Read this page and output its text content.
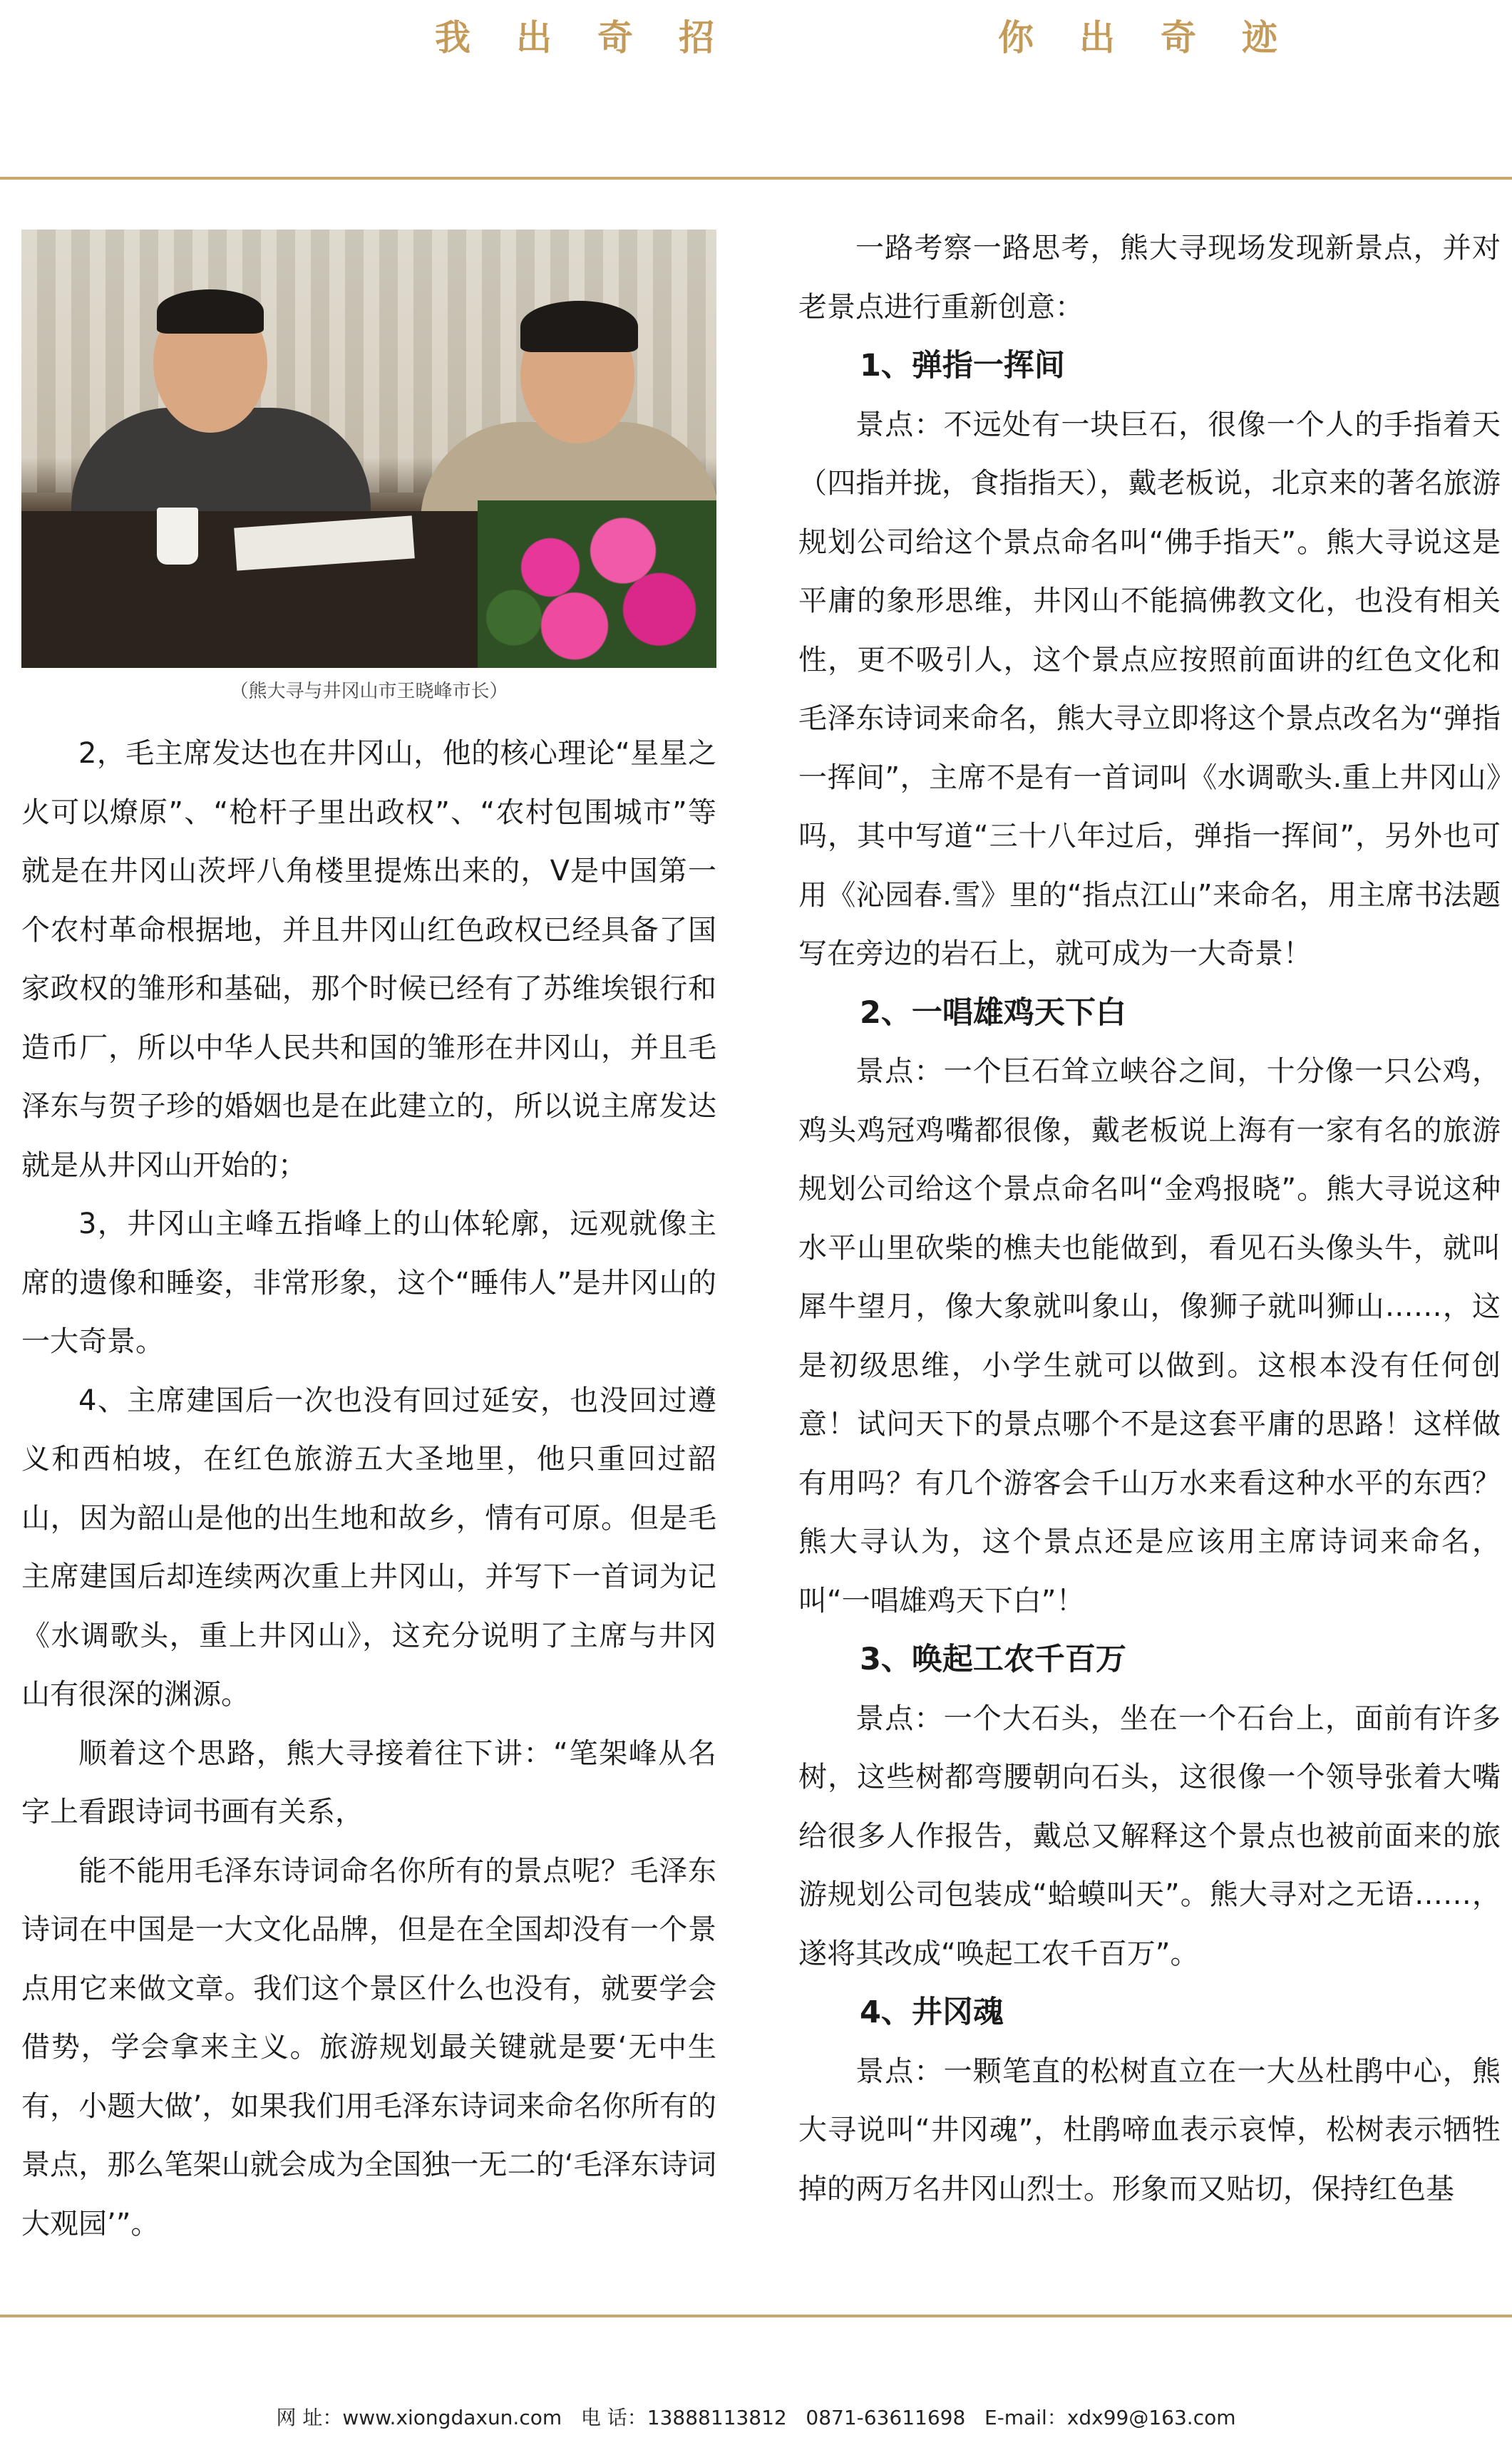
我出奇招	你出奇迹
（熊大寻与井冈山市王晓峰市长）

2，毛主席发达也在井冈山，他的核心理论“星星之火可以燎原”、“枪杆子里出政权”、“农村包围城市”等就是在井冈山茨坪八角楼里提炼出来的，V是中国第一个农村革命根据地，并且井冈山红色政权已经具备了国家政权的雏形和基础，那个时候已经有了苏维埃银行和造币厂，所以中华人民共和国的雏形在井冈山，并且毛泽东与贺子珍的婚姻也是在此建立的，所以说主席发达就是从井冈山开始的；

3，井冈山主峰五指峰上的山体轮廓，远观就像主席的遗像和睡姿，非常形象，这个“睡伟人”是井冈山的一大奇景。

4、主席建国后一次也没有回过延安，也没回过遵义和西柏坡，在红色旅游五大圣地里，他只重回过韶山，因为韶山是他的出生地和故乡，情有可原。但是毛主席建国后却连续两次重上井冈山，并写下一首词为记《水调歌头，重上井冈山》，这充分说明了主席与井冈山有很深的渊源。

顺着这个思路，熊大寻接着往下讲：“笔架峰从名字上看跟诗词书画有关系，

能不能用毛泽东诗词命名你所有的景点呢？毛泽东诗词在中国是一大文化品牌，但是在全国却没有一个景点用它来做文章。我们这个景区什么也没有，就要学会借势，学会拿来主义。旅游规划最关键就是要‘无中生有，小题大做’，如果我们用毛泽东诗词来命名你所有的景点，那么笔架山就会成为全国独一无二的‘毛泽东诗词大观园’”。

一路考察一路思考，熊大寻现场发现新景点，并对老景点进行重新创意：

1、弹指一挥间

景点：不远处有一块巨石，很像一个人的手指着天（四指并拢，食指指天），戴老板说，北京来的著名旅游规划公司给这个景点命名叫“佛手指天”。熊大寻说这是平庸的象形思维，井冈山不能搞佛教文化，也没有相关性，更不吸引人，这个景点应按照前面讲的红色文化和毛泽东诗词来命名，熊大寻立即将这个景点改名为“弹指一挥间”，主席不是有一首词叫《水调歌头.重上井冈山》吗，其中写道“三十八年过后，弹指一挥间”，另外也可用《沁园春.雪》里的“指点江山”来命名，用主席书法题写在旁边的岩石上，就可成为一大奇景！

2、一唱雄鸡天下白

景点：一个巨石耸立峡谷之间，十分像一只公鸡，鸡头鸡冠鸡嘴都很像，戴老板说上海有一家有名的旅游规划公司给这个景点命名叫“金鸡报晓”。熊大寻说这种水平山里砍柴的樵夫也能做到，看见石头像头牛，就叫犀牛望月，像大象就叫象山，像狮子就叫狮山……，这是初级思维，小学生就可以做到。这根本没有任何创意！试问天下的景点哪个不是这套平庸的思路！这样做有用吗？有几个游客会千山万水来看这种水平的东西？熊大寻认为，这个景点还是应该用主席诗词来命名，叫“一唱雄鸡天下白”！

3、唤起工农千百万

景点：一个大石头，坐在一个石台上，面前有许多树，这些树都弯腰朝向石头，这很像一个领导张着大嘴给很多人作报告，戴总又解释这个景点也被前面来的旅游规划公司包装成“蛤蟆叫天”。熊大寻对之无语……，遂将其改成“唤起工农千百万”。

4、井冈魂

景点：一颗笔直的松树直立在一大丛杜鹃中心，熊大寻说叫“井冈魂”，杜鹃啼血表示哀悼，松树表示牺牲掉的两万名井冈山烈士。形象而又贴切，保持红色基

网 址：www.xiongdaxun.com 电 话：13888113812 0871-63611698 E-mail：xdx99@163.com
